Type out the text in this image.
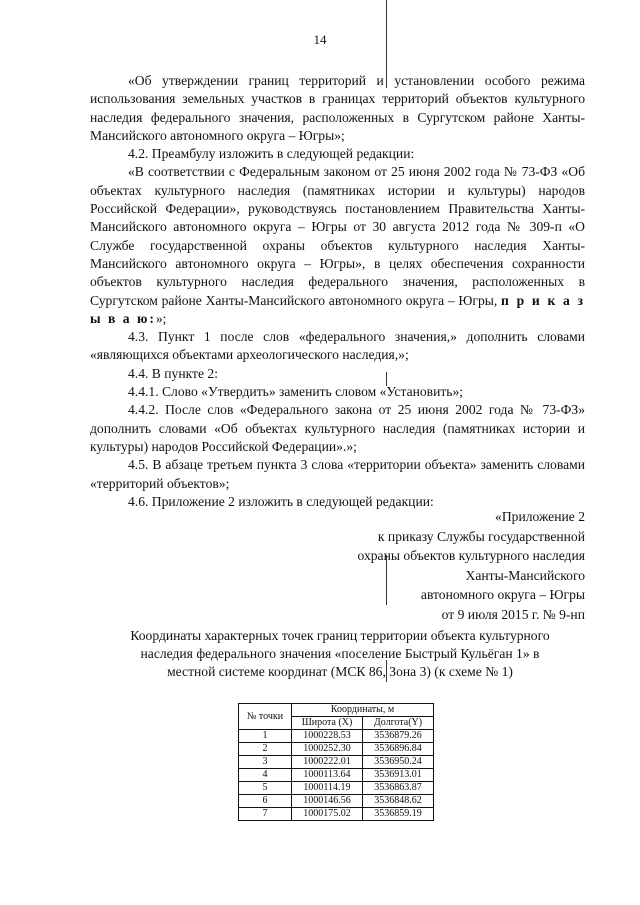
14

«Об утверждении границ территорий и установлении особого режима использования земельных участков в границах территорий объектов культурного наследия федерального значения, расположенных в Сургутском районе Ханты-Мансийского автономного округа – Югры»;

4.2. Преамбулу изложить в следующей редакции:

«В соответствии с Федеральным законом от 25 июня 2002 года № 73-ФЗ «Об объектах культурного наследия (памятниках истории и культуры) народов Российской Федерации», руководствуясь постановлением Правительства Ханты-Мансийского автономного округа – Югры от 30 августа 2012 года № 309-п «О Службе государственной охраны объектов культурного наследия Ханты-Мансийского автономного округа – Югры», в целях обеспечения сохранности объектов культурного наследия федерального значения, расположенных в Сургутском районе Ханты-Мансийского автономного округа – Югры, п р и к а з ы в а ю:»;

4.3. Пункт 1 после слов «федерального значения,» дополнить словами «являющихся объектами археологического наследия,»;

4.4. В пункте 2:

4.4.1. Слово «Утвердить» заменить словом «Установить»;

4.4.2. После слов «Федерального закона от 25 июня 2002 года № 73-ФЗ» дополнить словами «Об объектах культурного наследия (памятниках истории и культуры) народов Российской Федерации».»;

4.5. В абзаце третьем пункта 3 слова «территории объекта» заменить словами «территорий объектов»;

4.6. Приложение 2 изложить в следующей редакции:

«Приложение 2
к приказу Службы государственной
охраны объектов культурного наследия
Ханты-Мансийского
автономного округа – Югры
от 9 июля 2015 г. № 9-нп
Координаты характерных точек границ территории объекта культурного
наследия федерального значения «поселение Быстрый Кульёган 1» в
местной системе координат (МСК 86, Зона 3) (к схеме № 1)
№ точки	Координаты, м	
	Широта (X)	Долгота(Y)
1	1000228.53	3536879.26
2	1000252.30	3536896.84
3	1000222.01	3536950.24
4	1000113.64	3536913.01
5	1000114.19	3536863.87
6	1000146.56	3536848.62
7	1000175.02	3536859.19
